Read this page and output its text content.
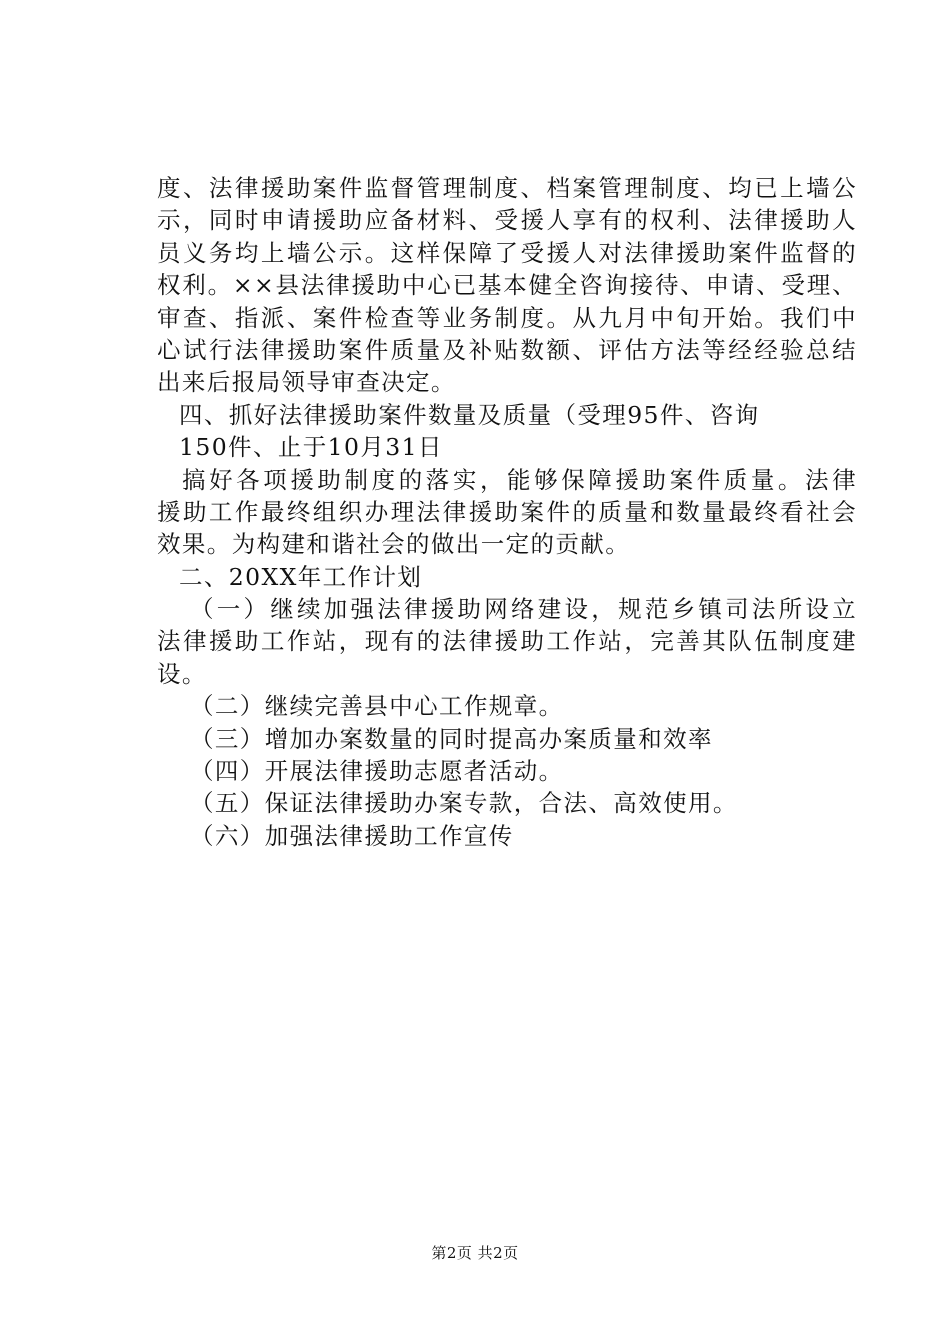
度、法律援助案件监督管理制度、档案管理制度、均已上墙公
示，同时申请援助应备材料、受援人享有的权利、法律援助人
员义务均上墙公示。这样保障了受援人对法律援助案件监督的
权利。××县法律援助中心已基本健全咨询接待、申请、受理、
审查、指派、案件检查等业务制度。从九月中旬开始。我们中
心试行法律援助案件质量及补贴数额、评估方法等经经验总结
出来后报局领导审查决定。
四、抓好法律援助案件数量及质量（受理95件、咨询
150件、止于10月31日
搞好各项援助制度的落实，能够保障援助案件质量。法律
援助工作最终组织办理法律援助案件的质量和数量最终看社会
效果。为构建和谐社会的做出一定的贡献。
二、20XX年工作计划
（一）继续加强法律援助网络建设，规范乡镇司法所设立
法律援助工作站，现有的法律援助工作站，完善其队伍制度建
设。
（二）继续完善县中心工作规章。
（三）增加办案数量的同时提高办案质量和效率
（四）开展法律援助志愿者活动。
（五）保证法律援助办案专款，合法、高效使用。
（六）加强法律援助工作宣传
第2页 共2页
